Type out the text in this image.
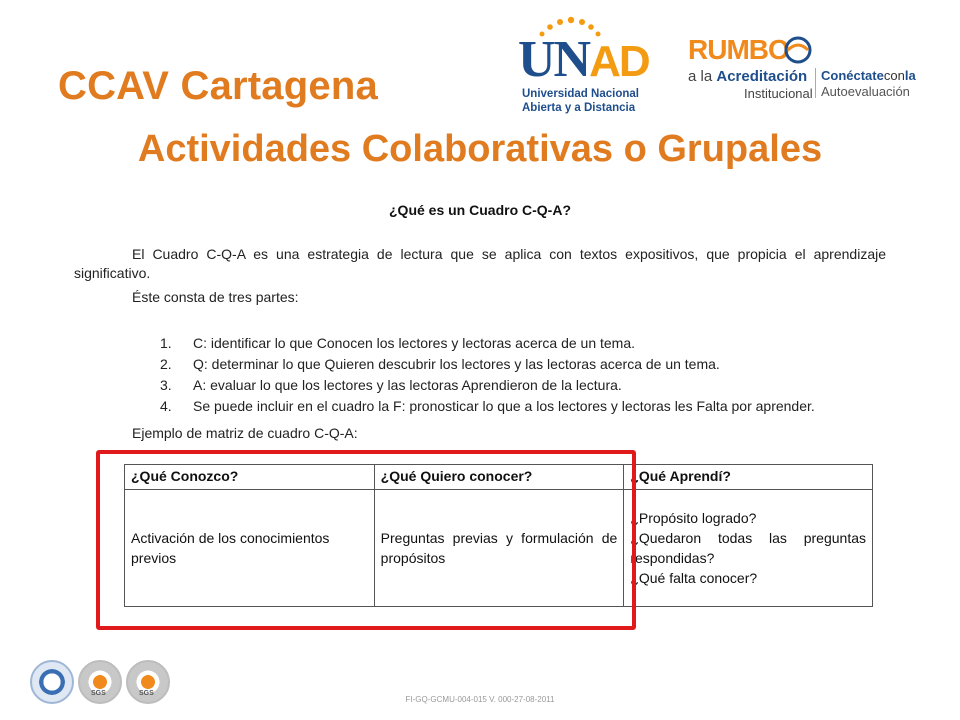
CCAV Cartagena
Actividades Colaborativas o Grupales
UNAD
Universidad Nacional
Abierta y a Distancia
RUMBO
a la Acreditación
Institucional
Conéctateconla
Autoevaluación
¿Qué es un Cuadro C-Q-A?
El Cuadro C-Q-A es una estrategia de lectura que se aplica con textos expositivos, que propicia el aprendizaje significativo.
Éste consta de tres partes:
1. C: identificar lo que Conocen los lectores y lectoras acerca de un tema.
2. Q: determinar lo que Quieren descubrir los lectores y las lectoras acerca de un tema.
3. A: evaluar lo que los lectores y las lectoras Aprendieron de la lectura.
4. Se puede incluir en el cuadro la F: pronosticar lo que a los lectores y lectoras les Falta por aprender.
Ejemplo de matriz de cuadro C-Q-A:
¿Qué Conozco?	¿Qué Quiero conocer?	¿Qué Aprendí?

Activación de los conocimientos previos	Preguntas previas y formulación de propósitos	¿Propósito logrado?
¿Quedaron todas las preguntas respondidas?
¿Qué falta conocer?
SGS	SGS
FI-GQ-GCMU-004-015 V. 000-27-08-2011
